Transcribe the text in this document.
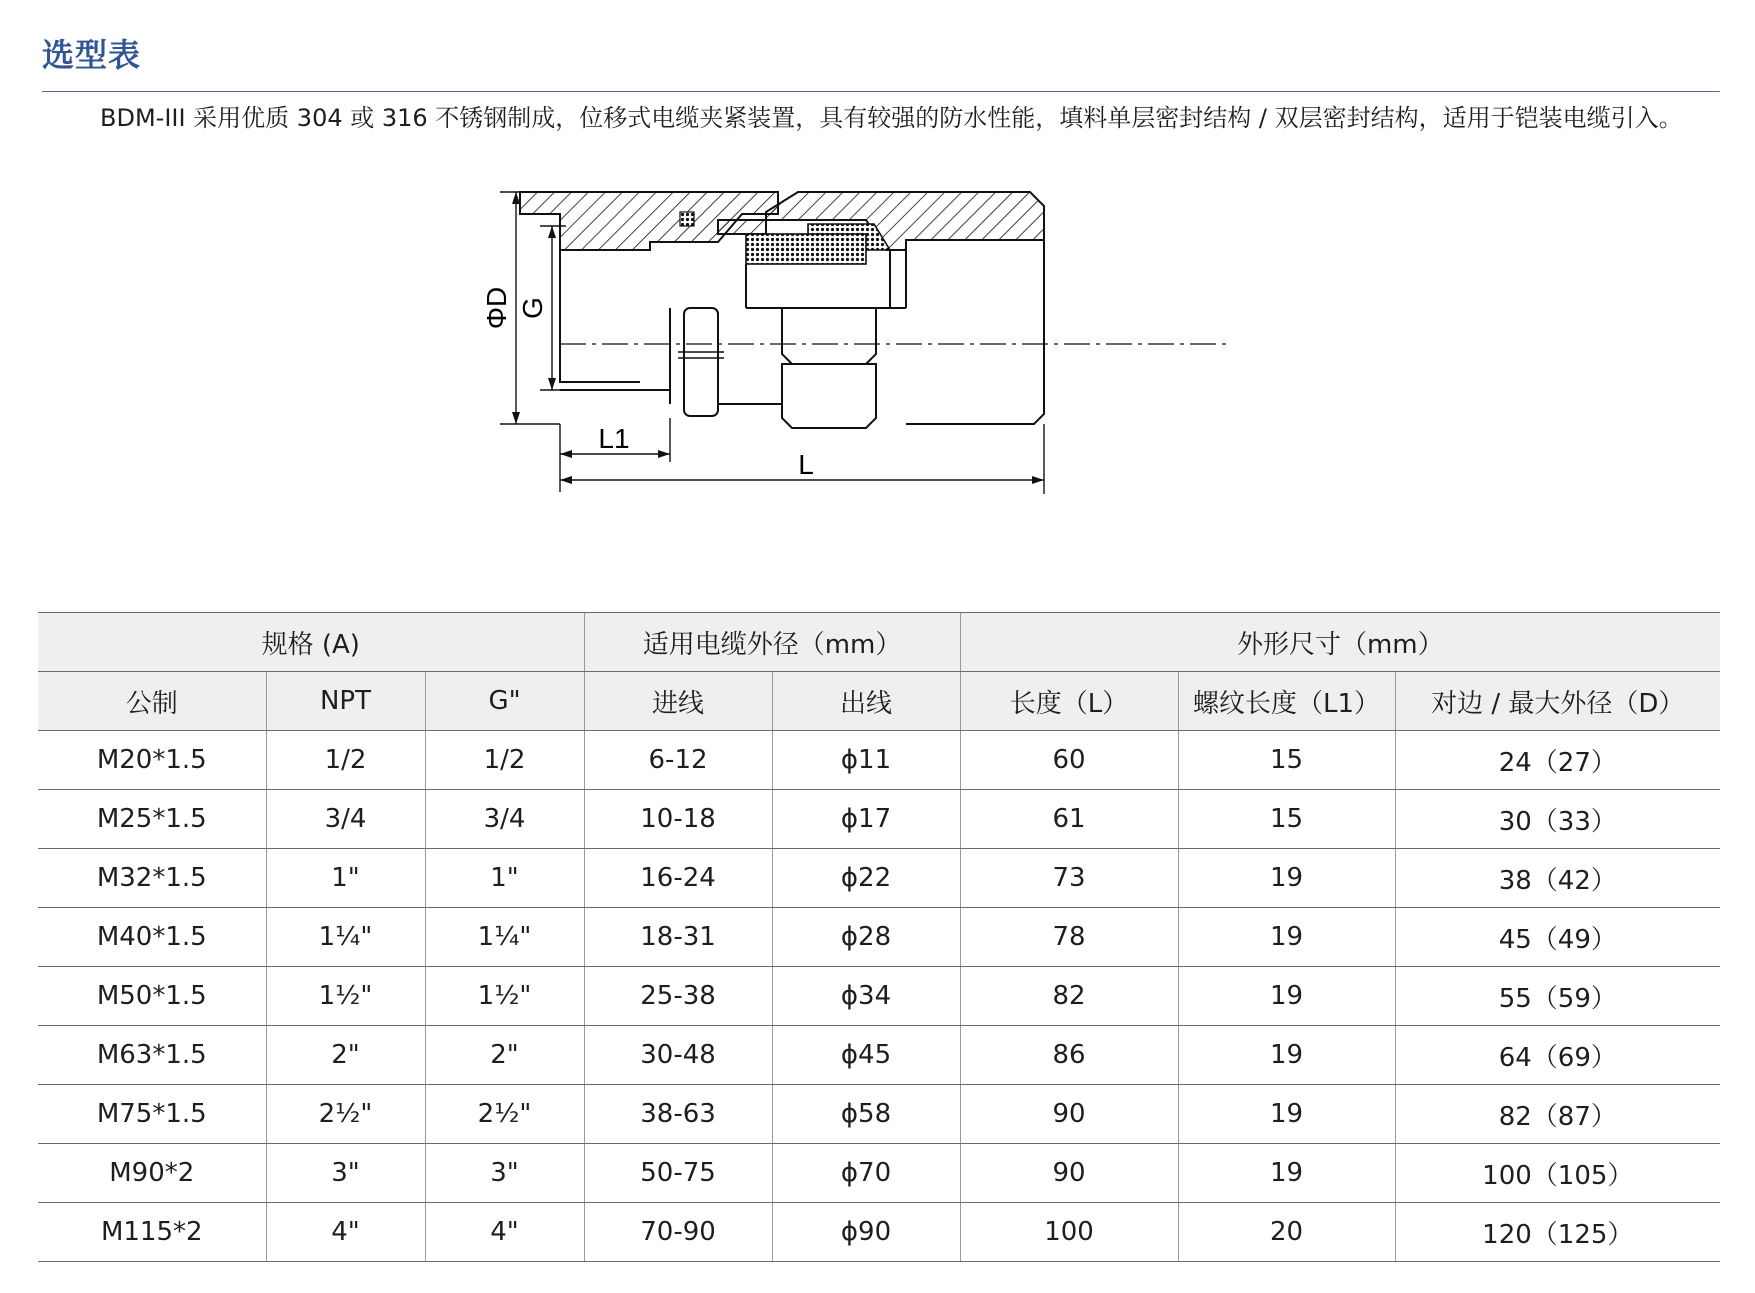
选型表
BDM-III 采用优质 304 或 316 不锈钢制成，位移式电缆夹紧装置，具有较强的防水性能，填料单层密封结构 / 双层密封结构，适用于铠装电缆引入。
ΦD G
L1
L
规格 (A)			适用电缆外径（mm）		外形尺寸（mm）		
公制	NPT	G"	进线	出线	长度（L）	螺纹长度（L1）	对边 / 最大外径（D）
M20*1.5	1/2	1/2	6-12	ϕ11	60	15	24（27）
M25*1.5	3/4	3/4	10-18	ϕ17	61	15	30（33）
M32*1.5	1"	1"	16-24	ϕ22	73	19	38（42）
M40*1.5	1¼"	1¼"	18-31	ϕ28	78	19	45（49）
M50*1.5	1½"	1½"	25-38	ϕ34	82	19	55（59）
M63*1.5	2"	2"	30-48	ϕ45	86	19	64（69）
M75*1.5	2½"	2½"	38-63	ϕ58	90	19	82（87）
M90*2	3"	3"	50-75	ϕ70	90	19	100（105）
M115*2	4"	4"	70-90	ϕ90	100	20	120（125）
